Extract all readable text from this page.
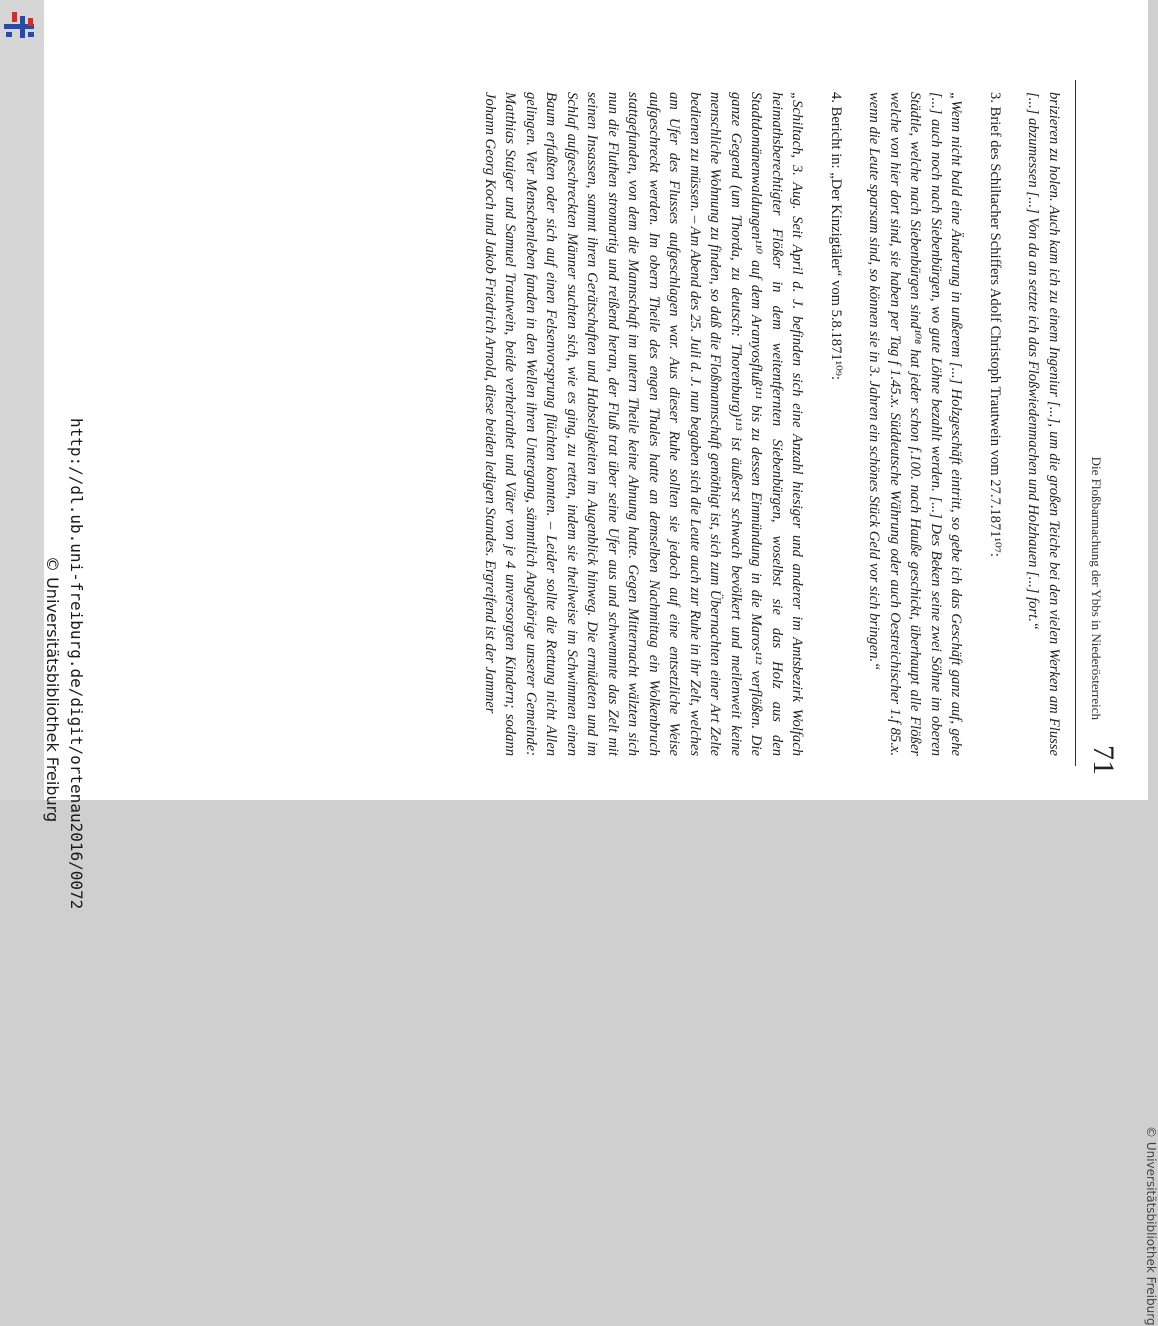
71
Die Floßbarmachung der Ybbs in Niederösterreich

brizieren zu holen. Auch kam ich zu einem Ingeniur [...], um die großen Teiche bei den vielen Werken am Flusse [...] abzumessen [...] Von da an setzte ich das Floßwiedenmachen und Holzhauen [...] fort.“

3. Brief des Schiltacher Schiffers Adolf Christoph Trautwein vom 27.7.1871¹⁰⁷:

„Wenn nicht bald eine Änderung in unßerem [...] Holzgeschäft eintritt, so gebe ich das Geschäft ganz auf, gehe [...] auch noch nach Siebenbürgen, wo gute Löhne bezahlt werden. [...] Des Beken seine zwei Söhne im oberen Städtle, welche nach Siebenbürgen sind¹⁰⁸ hat jeder schon f.100. nach Hauße geschickt, überhaupt alle Flößer welche von hier dort sind, sie haben per Tag f 1.45.x. Süddeutsche Währung oder auch Oestreichischer 1.f 85.x. wenn die Leute sparsam sind, so können sie in 3. Jahren ein schönes Stück Geld vor sich bringen.“

4. Bericht in: „Der Kinzigtäler“ vom 5.8.1871¹⁰⁹:

„Schiltach, 3. Aug. Seit April d. J. befinden sich eine Anzahl hiesiger und anderer im Amtsbezirk Wolfach heimathsberechtigter Flößer in dem weitentfernten Siebenbürgen, woselbst sie das Holz aus den Stadtdomänenwaldungen¹¹⁰ auf dem Aranyosfluß¹¹¹ bis zu dessen Einmündung in die Maros¹¹² verflößen. Die ganze Gegend (um Thorda, zu deutsch: Thorenburg)¹¹³ ist äußerst schwach bevölkert und meilenweit keine menschliche Wohnung zu finden, so daß die Floßmannschaft genöthigt ist, sich zum Übernachten einer Art Zelte bedienen zu müssen. – Am Abend des 25. Juli d. J. nun begaben sich die Leute auch zur Ruhe in ihr Zelt, welches am Ufer des Flusses aufgeschlagen war. Aus dieser Ruhe sollten sie jedoch auf eine entsetzliche Weise aufgeschreckt werden. Im obern Theile des engen Thales hatte an demselben Nachmittag ein Wolkenbruch stattgefunden, von dem die Mannschaft im untern Theile keine Ahnung hatte. Gegen Mitternacht wälzten sich nun die Fluthen stromartig und reißend heran, der Fluß trat über seine Ufer aus und schwemmte das Zelt mit seinen Insassen, sammt ihren Gerätschaften und Habseligkeiten im Augenblick hinweg. Die ermüdeten und im Schlaf aufgeschreckten Männer suchten sich, wie es ging, zu retten, indem sie theilweise im Schwimmen einen Baum erfaßten oder sich auf einen Felsenvorsprung flüchten konnten. – Leider sollte die Rettung nicht Allen gelingen. Vier Menschenleben fanden in den Wellen ihren Untergang, sämmtlich Angehörige unserer Gemeinde: Matthias Staiger und Samuel Trautwein, beide verheirathet und Väter von je 4 unversorgten Kindern; sodann Johann Georg Koch und Jakob Friedrich Arnold, diese beiden ledigen Standes. Ergreifend ist der Jammer

http://dl.ub.uni-freiburg.de/digit/ortenau2016/0072
© Universitätsbibliothek Freiburg
© Universitätsbibliothek Freiburg
